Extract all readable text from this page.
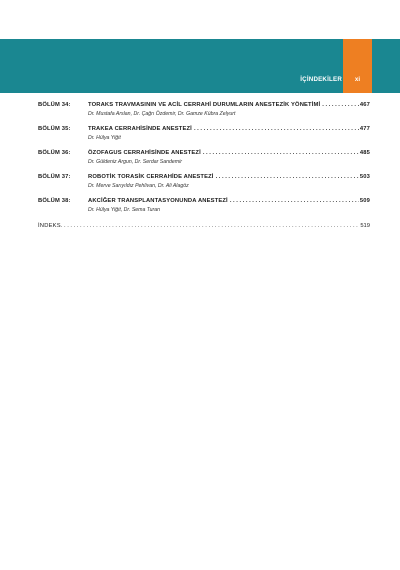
İÇİNDEKİLER	xi
BÖLÜM 34:	TORAKS TRAVMASININ VE ACİL CERRAHİ DURUMLARIN ANESTEZİK YÖNETİMİ .....	467
Dr. Mustafa Arslan, Dr. Çağrı Özdemir, Dr. Gamze Kübra Zelyurt
BÖLÜM 35:	TRAKEA CERRAHİSİNDE ANESTEZİ .....	477
Dr. Hülya Yiğit
BÖLÜM 36:	ÖZOFAGUS CERRAHİSİNDE ANESTEZİ .....	485
Dr. Güldeniz Argun, Dr. Serdar Sandemir
BÖLÜM 37:	ROBOTİK TORASİK CERRAHİDE ANESTEZİ .....	503
Dr. Merve Sarıyıldız Pehlivan, Dr. Ali Alagöz
BÖLÜM 38:	AKCİĞER TRANSPLANTASYONUNDA ANESTEZİ .....	509
Dr. Hülya Yiğit, Dr. Sema Turan
İNDEKS .....	519
